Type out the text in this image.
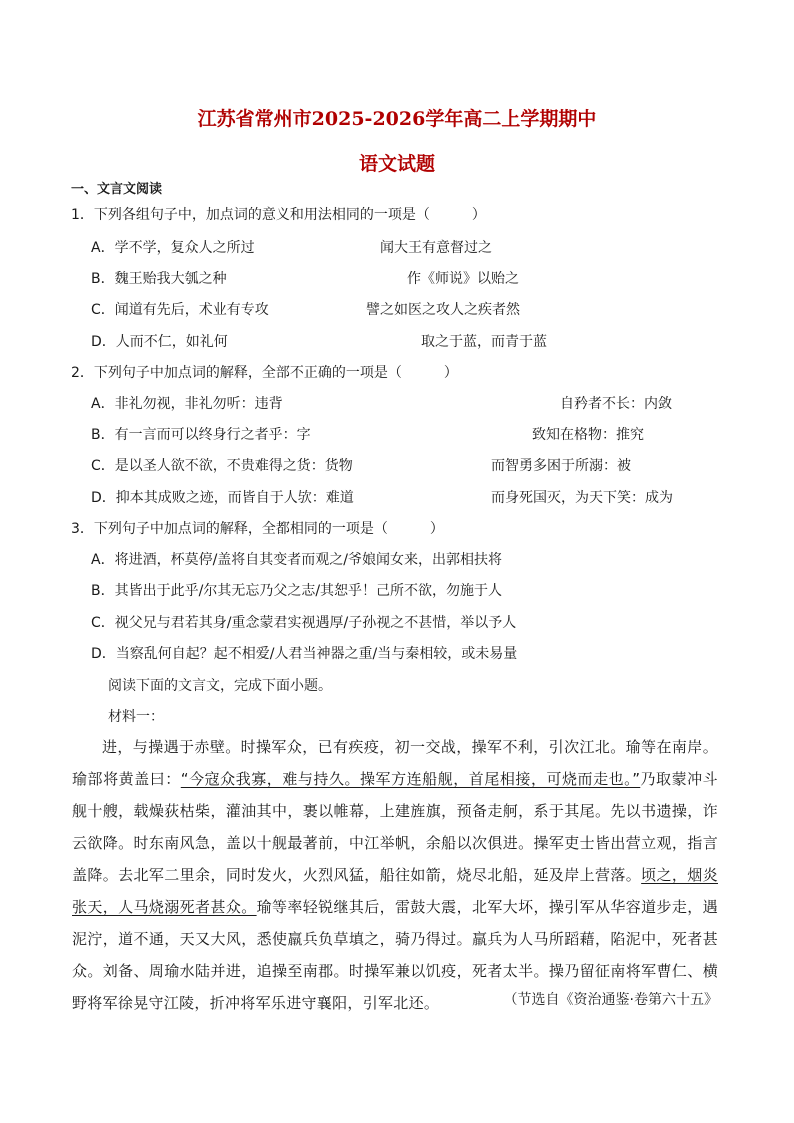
江苏省常州市2025-2026学年高二上学期期中
语文试题
一、文言文阅读
1．下列各组句子中，加点词的意义和用法相同的一项是（　　　）
A．学不学，复众人之所过	闻大王有意督过之
B．魏王贻我大瓠之种	作《师说》以贻之
C．闻道有先后，术业有专攻	譬之如医之攻人之疾者然
D．人而不仁，如礼何	取之于蓝，而青于蓝
2．下列句子中加点词的解释，全部不正确的一项是（　　　）
A．非礼勿视，非礼勿听：违背	自矜者不长：内敛
B．有一言而可以终身行之者乎：字	致知在格物：推究
C．是以圣人欲不欲，不贵难得之货：货物	而智勇多困于所溺：被
D．抑本其成败之迹，而皆自于人欤：难道	而身死国灭，为天下笑：成为
3．下列句子中加点词的解释，全都相同的一项是（　　　）
A．将进酒，杯莫停/盖将自其变者而观之/爷娘闻女来，出郭相扶将
B．其皆出于此乎/尔其无忘乃父之志/其恕乎！己所不欲，勿施于人
C．视父兄与君若其身/重念蒙君实视遇厚/子孙视之不甚惜，举以予人
D．当察乱何自起？起不相爱/人君当神器之重/当与秦相较，或未易量
阅读下面的文言文，完成下面小题。
材料一：
进，与操遇于赤壁。时操军众，已有疾疫，初一交战，操军不利，引次江北。瑜等在南岸。瑜部将黄盖曰：“今寇众我寡，难与持久。操军方连船舰，首尾相接，可烧而走也。”乃取蒙冲斗舰十艘，载燥荻枯柴，灌油其中，裹以帷幕，上建旌旗，预备走舸，系于其尾。先以书遗操，诈云欲降。时东南风急，盖以十舰最著前，中江举帆，余船以次俱进。操军吏士皆出营立观，指言盖降。去北军二里余，同时发火，火烈风猛，船往如箭，烧尽北船，延及岸上营落。顷之，烟炎张天，人马烧溺死者甚众。瑜等率轻锐继其后，雷鼓大震，北军大坏，操引军从华容道步走，遇泥泞，道不通，天又大风，悉使羸兵负草填之，骑乃得过。羸兵为人马所蹈藉，陷泥中，死者甚众。刘备、周瑜水陆并进，追操至南郡。时操军兼以饥疫，死者太半。操乃留征南将军曹仁、横野将军徐晃守江陵，折冲将军乐进守襄阳，引军北还。	（节选自《资治通鉴·卷第六十五》
